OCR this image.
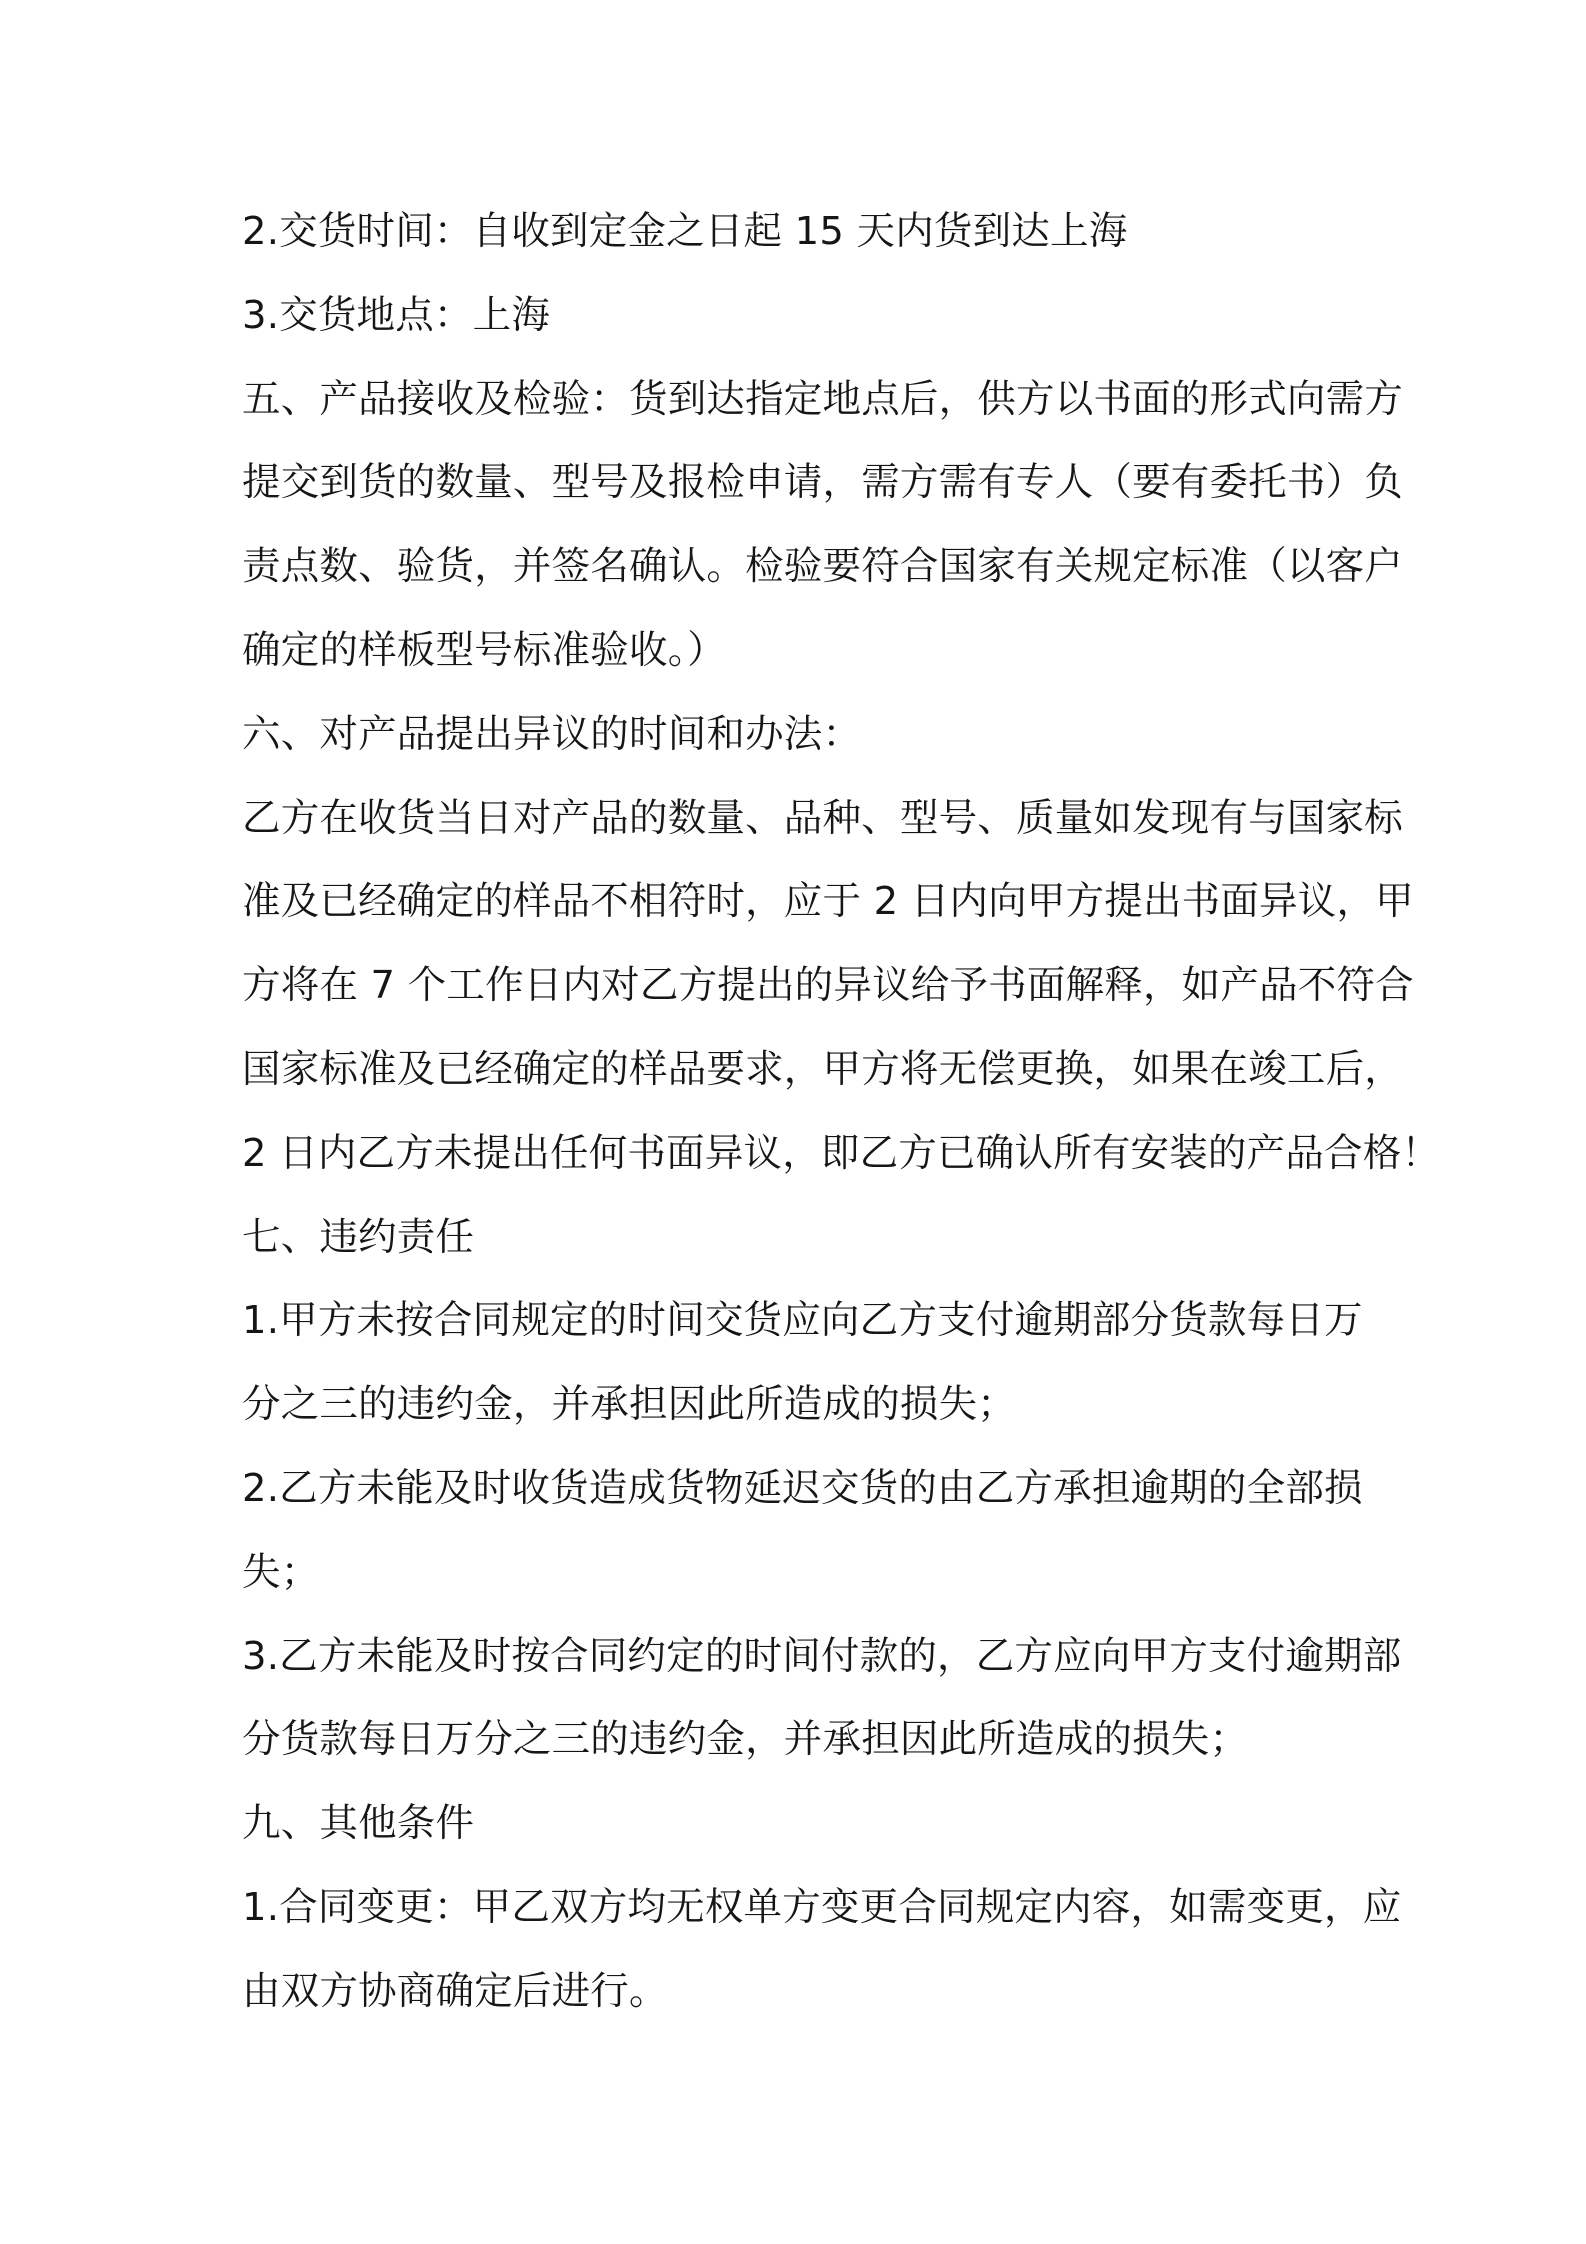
2.交货时间：自收到定金之日起 15 天内货到达上海
3.交货地点：上海
五、产品接收及检验：货到达指定地点后，供方以书面的形式向需方
提交到货的数量、型号及报检申请，需方需有专人（要有委托书）负
责点数、验货，并签名确认。检验要符合国家有关规定标准（以客户
确定的样板型号标准验收。）
六、对产品提出异议的时间和办法：
乙方在收货当日对产品的数量、品种、型号、质量如发现有与国家标
准及已经确定的样品不相符时，应于 2 日内向甲方提出书面异议，甲
方将在 7 个工作日内对乙方提出的异议给予书面解释，如产品不符合
国家标准及已经确定的样品要求，甲方将无偿更换，如果在竣工后，
2 日内乙方未提出任何书面异议，即乙方已确认所有安装的产品合格！
七、违约责任
1.甲方未按合同规定的时间交货应向乙方支付逾期部分货款每日万
分之三的违约金，并承担因此所造成的损失；
2.乙方未能及时收货造成货物延迟交货的由乙方承担逾期的全部损
失；
3.乙方未能及时按合同约定的时间付款的，乙方应向甲方支付逾期部
分货款每日万分之三的违约金，并承担因此所造成的损失；
九、其他条件
1.合同变更：甲乙双方均无权单方变更合同规定内容，如需变更，应
由双方协商确定后进行。
